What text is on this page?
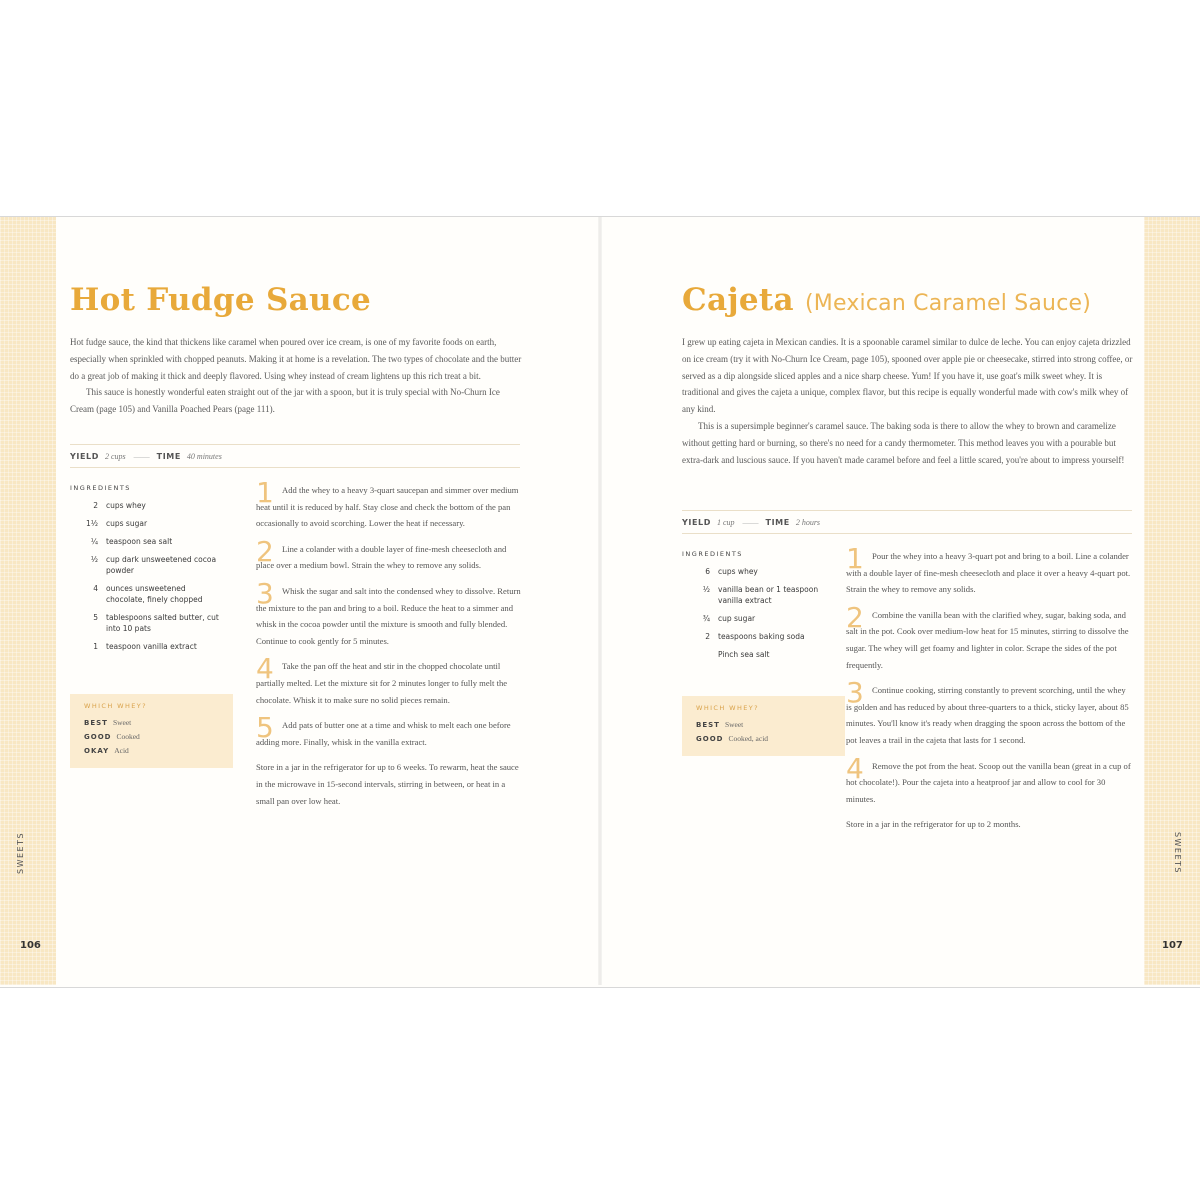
SWEETS	SWEETS
106	107
Hot Fudge Sauce

Hot fudge sauce, the kind that thickens like caramel when poured over ice cream, is one of my favorite foods on earth, especially when sprinkled with chopped peanuts. Making it at home is a revelation. The two types of chocolate and the butter do a great job of making it thick and deeply flavored. Using whey instead of cream lightens up this rich treat a bit.

This sauce is honestly wonderful eaten straight out of the jar with a spoon, but it is truly special with No-Churn Ice Cream (page 105) and Vanilla Poached Pears (page 111).

YIELD 2 cups — — TIME 40 minutes
INGREDIENTS
2	cups whey
1½	cups sugar
¼	teaspoon sea salt
½	cup dark unsweetened cocoa powder
4	ounces unsweetened chocolate, finely chopped
5	tablespoons salted butter, cut into 10 pats
1	teaspoon vanilla extract
WHICH WHEY?
BEST Sweet
GOOD Cooked
OKAY Acid
1 Add the whey to a heavy 3-quart saucepan and simmer over medium heat until it is reduced by half. Stay close and check the bottom of the pan occasionally to avoid scorching. Lower the heat if necessary.
2 Line a colander with a double layer of fine-mesh cheesecloth and place over a medium bowl. Strain the whey to remove any solids.
3 Whisk the sugar and salt into the condensed whey to dissolve. Return the mixture to the pan and bring to a boil. Reduce the heat to a simmer and whisk in the cocoa powder until the mixture is smooth and fully blended. Continue to cook gently for 5 minutes.
4 Take the pan off the heat and stir in the chopped chocolate until partially melted. Let the mixture sit for 2 minutes longer to fully melt the chocolate. Whisk it to make sure no solid pieces remain.
5 Add pats of butter one at a time and whisk to melt each one before adding more. Finally, whisk in the vanilla extract.
Store in a jar in the refrigerator for up to 6 weeks. To rewarm, heat the sauce in the microwave in 15-second intervals, stirring in between, or heat in a small pan over low heat.
Cajeta (Mexican Caramel Sauce)

I grew up eating cajeta in Mexican candies. It is a spoonable caramel similar to dulce de leche. You can enjoy cajeta drizzled on ice cream (try it with No-Churn Ice Cream, page 105), spooned over apple pie or cheesecake, stirred into strong coffee, or served as a dip alongside sliced apples and a nice sharp cheese. Yum! If you have it, use goat's milk sweet whey. It is traditional and gives the cajeta a unique, complex flavor, but this recipe is equally wonderful made with cow's milk whey of any kind.

This is a supersimple beginner's caramel sauce. The baking soda is there to allow the whey to brown and caramelize without getting hard or burning, so there's no need for a candy thermometer. This method leaves you with a pourable but extra-dark and luscious sauce. If you haven't made caramel before and feel a little scared, you're about to impress yourself!

YIELD 1 cup — — TIME 2 hours
INGREDIENTS
6	cups whey
½	vanilla bean or 1 teaspoon vanilla extract
¾	cup sugar
2	teaspoons baking soda
Pinch sea salt
WHICH WHEY?
BEST Sweet
GOOD Cooked, acid
1 Pour the whey into a heavy 3-quart pot and bring to a boil. Line a colander with a double layer of fine-mesh cheesecloth and place it over a heavy 4-quart pot. Strain the whey to remove any solids.
2 Combine the vanilla bean with the clarified whey, sugar, baking soda, and salt in the pot. Cook over medium-low heat for 15 minutes, stirring to dissolve the sugar. The whey will get foamy and lighter in color. Scrape the sides of the pot frequently.
3 Continue cooking, stirring constantly to prevent scorching, until the whey is golden and has reduced by about three-quarters to a thick, sticky layer, about 85 minutes. You'll know it's ready when dragging the spoon across the bottom of the pot leaves a trail in the cajeta that lasts for 1 second.
4 Remove the pot from the heat. Scoop out the vanilla bean (great in a cup of hot chocolate!). Pour the cajeta into a heatproof jar and allow to cool for 30 minutes.
Store in a jar in the refrigerator for up to 2 months.
